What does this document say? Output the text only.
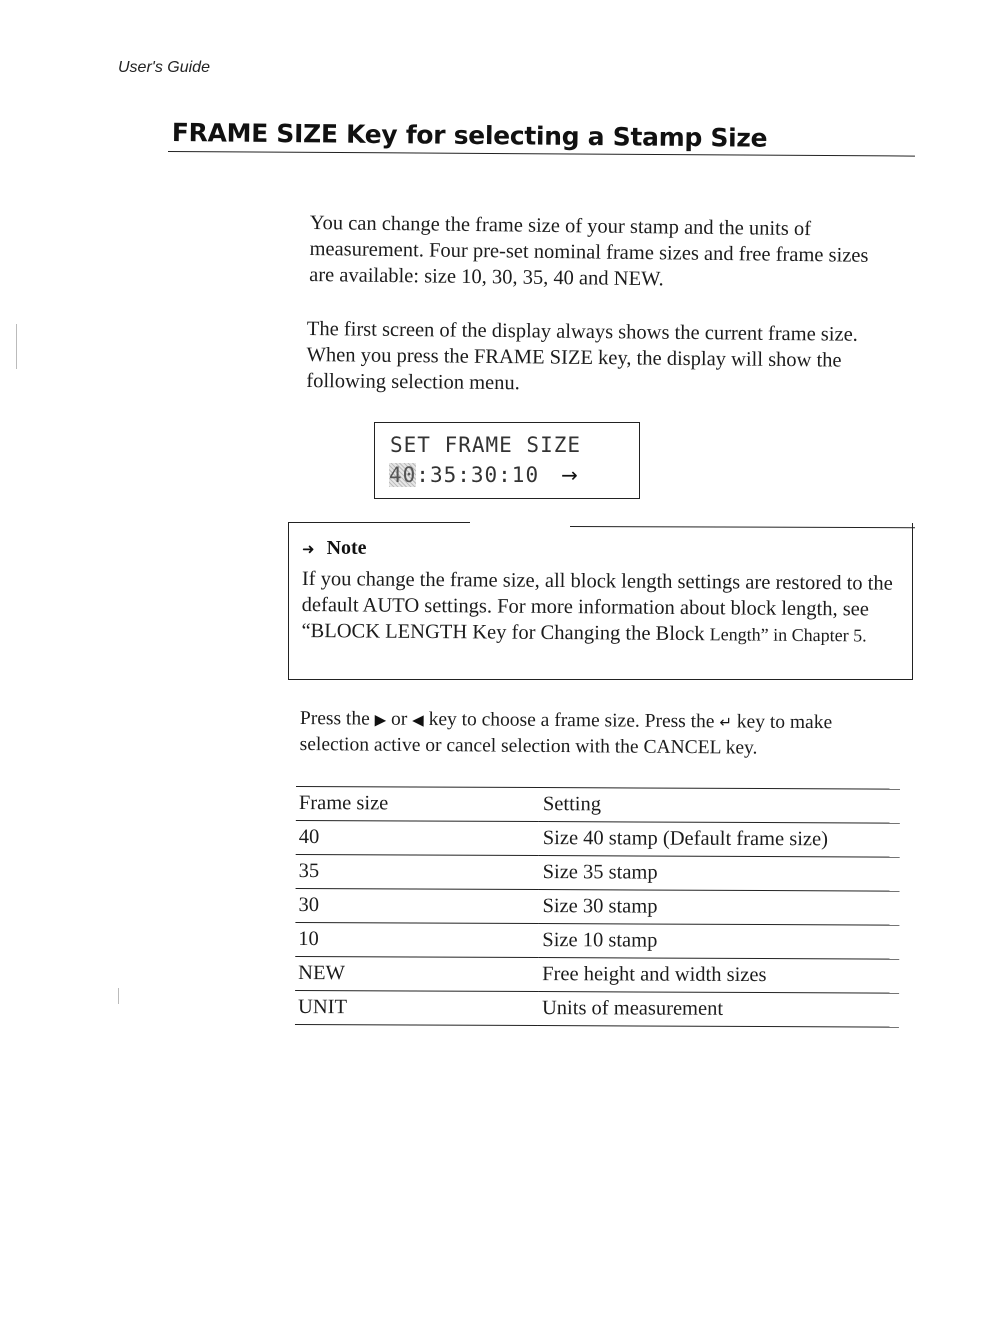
User's Guide
FRAME SIZE Key for selecting a Stamp Size
You can change the frame size of your stamp and the units of measurement. Four pre-set nominal frame sizes and free frame sizes are available: size 10, 30, 35, 40 and NEW.
The first screen of the display always shows the current frame size. When you press the FRAME SIZE key, the display will show the following selection menu.
SET FRAME SIZE
40:35:30:10 →
➜ Note
If you change the frame size, all block length settings are restored to the default AUTO settings. For more information about block length, see “BLOCK LENGTH Key for Changing the Block Length” in Chapter 5.
Press the ▶ or ◀ key to choose a frame size. Press the ↵ key to make selection active or cancel selection with the CANCEL key.
Frame size	Setting
40	Size 40 stamp (Default frame size)
35	Size 35 stamp
30	Size 30 stamp
10	Size 10 stamp
NEW	Free height and width sizes
UNIT	Units of measurement
